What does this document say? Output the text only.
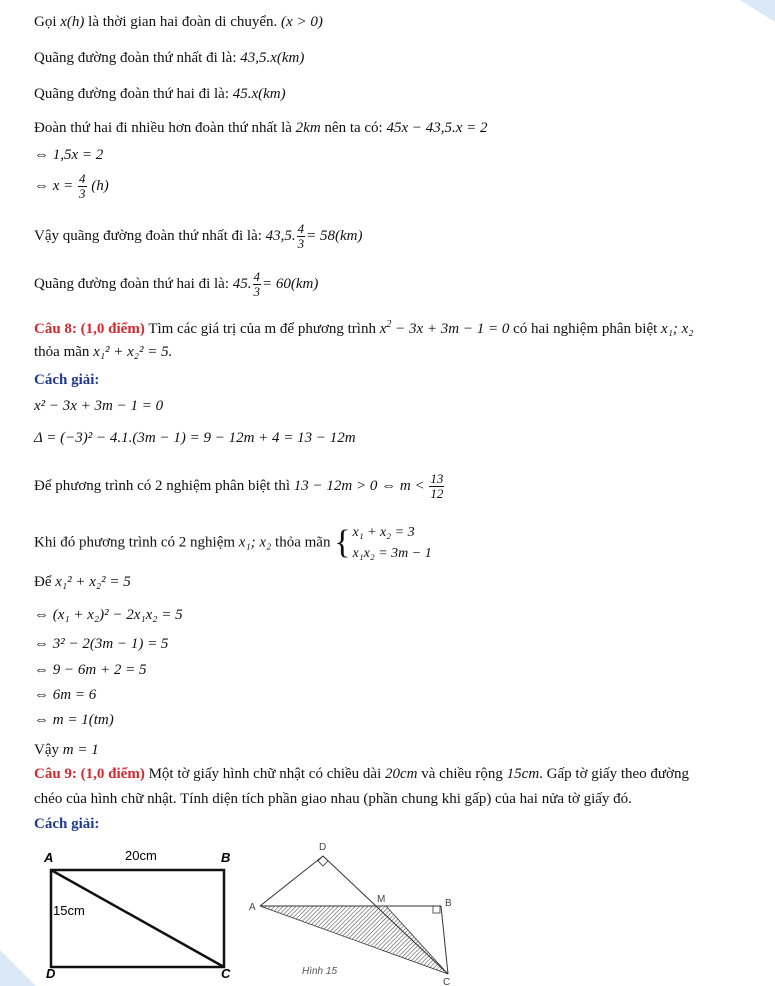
Gọi x(h) là thời gian hai đoàn di chuyển. (x > 0)
Quãng đường đoàn thứ nhất đi là: 43,5.x(km)
Quãng đường đoàn thứ hai đi là: 45.x(km)
Đoàn thứ hai đi nhiều hơn đoàn thứ nhất là 2km nên ta có: 45x − 43,5.x = 2
⇔ 1,5x = 2
⇔ $x = \frac{4}{3} (h)$
Vậy quãng đường đoàn thứ nhất đi là: 43,5. $\frac{4}{3} = 58(km)$
Quãng đường đoàn thứ hai đi là: 45. $\frac{4}{3} = 60(km)$
Câu 8: (1,0 điểm) Tìm các giá trị của m để phương trình $x^2 - 3x + 3m - 1 = 0$ có hai nghiệm phân biệt x₁; x₂
thỏa mãn x₁² + x₂² = 5.
Cách giải:
x² − 3x + 3m − 1 = 0
Δ = (−3)² − 4.1.(3m − 1) = 9 − 12m + 4 = 13 − 12m
Để phương trình có 2 nghiệm phân biệt thì 13 − 12m > 0 ⇔ $m < \frac{13}{12}$
Khi đó phương trình có 2 nghiệm x₁; x₂ thỏa mãn { x₁ + x₂ = 3
x₁x₂ = 3m − 1
Để x₁² + x₂² = 5
⇔ (x₁ + x₂)² − 2x₁x₂ = 5
⇔ 3² − 2(3m − 1) = 5
⇔ 9 − 6m + 2 = 5
⇔ 6m = 6
⇔ m = 1(tm)
Vậy m = 1
Câu 9: (1,0 điểm) Một tờ giấy hình chữ nhật có chiều dài 20cm và chiều rộng 15cm. Gấp tờ giấy theo đường
chéo của hình chữ nhật. Tính diện tích phần giao nhau (phần chung khi gấp) của hai nửa tờ giấy đó.
Cách giải:
A	B
C
D
20cm
15cm
D
A
M	B
C
Hình 15
